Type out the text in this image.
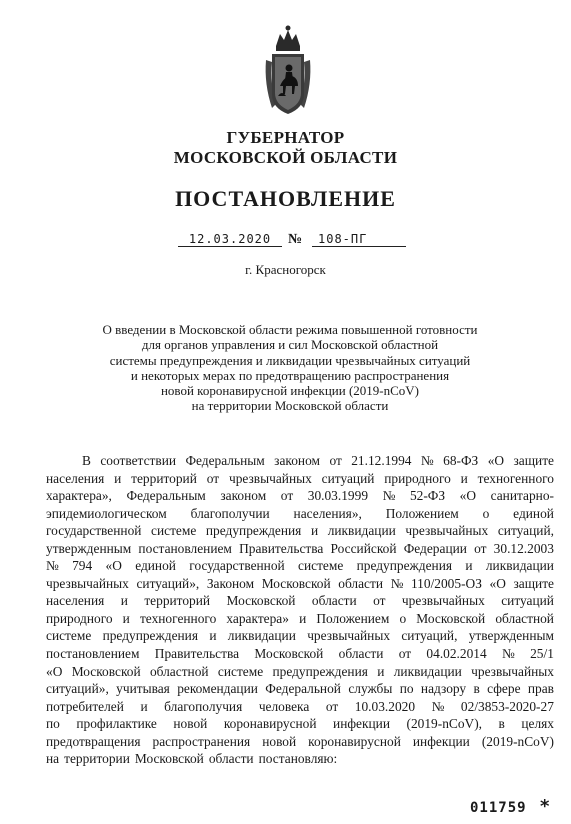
ГУБЕРНАТОР
МОСКОВСКОЙ ОБЛАСТИ
ПОСТАНОВЛЕНИЕ
12.03.2020	№	108-ПГ
г. Красногорск
О введении в Московской области режима повышенной готовности
для органов управления и сил Московской областной
системы предупреждения и ликвидации чрезвычайных ситуаций
и некоторых мерах по предотвращению распространения
новой коронавирусной инфекции (2019-nCoV)
на территории Московской области
В соответствии Федеральным законом от 21.12.1994 № 68-ФЗ «О защите
населения и территорий от чрезвычайных ситуаций природного и техногенного
характера», Федеральным законом от 30.03.1999 № 52-ФЗ «О санитарно-
эпидемиологическом благополучии населения», Положением о единой
государственной системе предупреждения и ликвидации чрезвычайных ситуаций,
утвержденным постановлением Правительства Российской Федерации от 30.12.2003
№ 794 «О единой государственной системе предупреждения и ликвидации
чрезвычайных ситуаций», Законом Московской области № 110/2005-ОЗ «О защите
населения и территорий Московской области от чрезвычайных ситуаций
природного и техногенного характера» и Положением о Московской областной
системе предупреждения и ликвидации чрезвычайных ситуаций, утвержденным
постановлением Правительства Московской области от 04.02.2014 № 25/1
«О Московской областной системе предупреждения и ликвидации чрезвычайных
ситуаций», учитывая рекомендации Федеральной службы по надзору в сфере прав
потребителей и благополучия человека от 10.03.2020 № 02/3853-2020-27
по профилактике новой коронавирусной инфекции (2019-nCoV), в целях
предотвращения распространения новой коронавирусной инфекции (2019-nCoV)
на территории Московской области постановляю:
011759 *
